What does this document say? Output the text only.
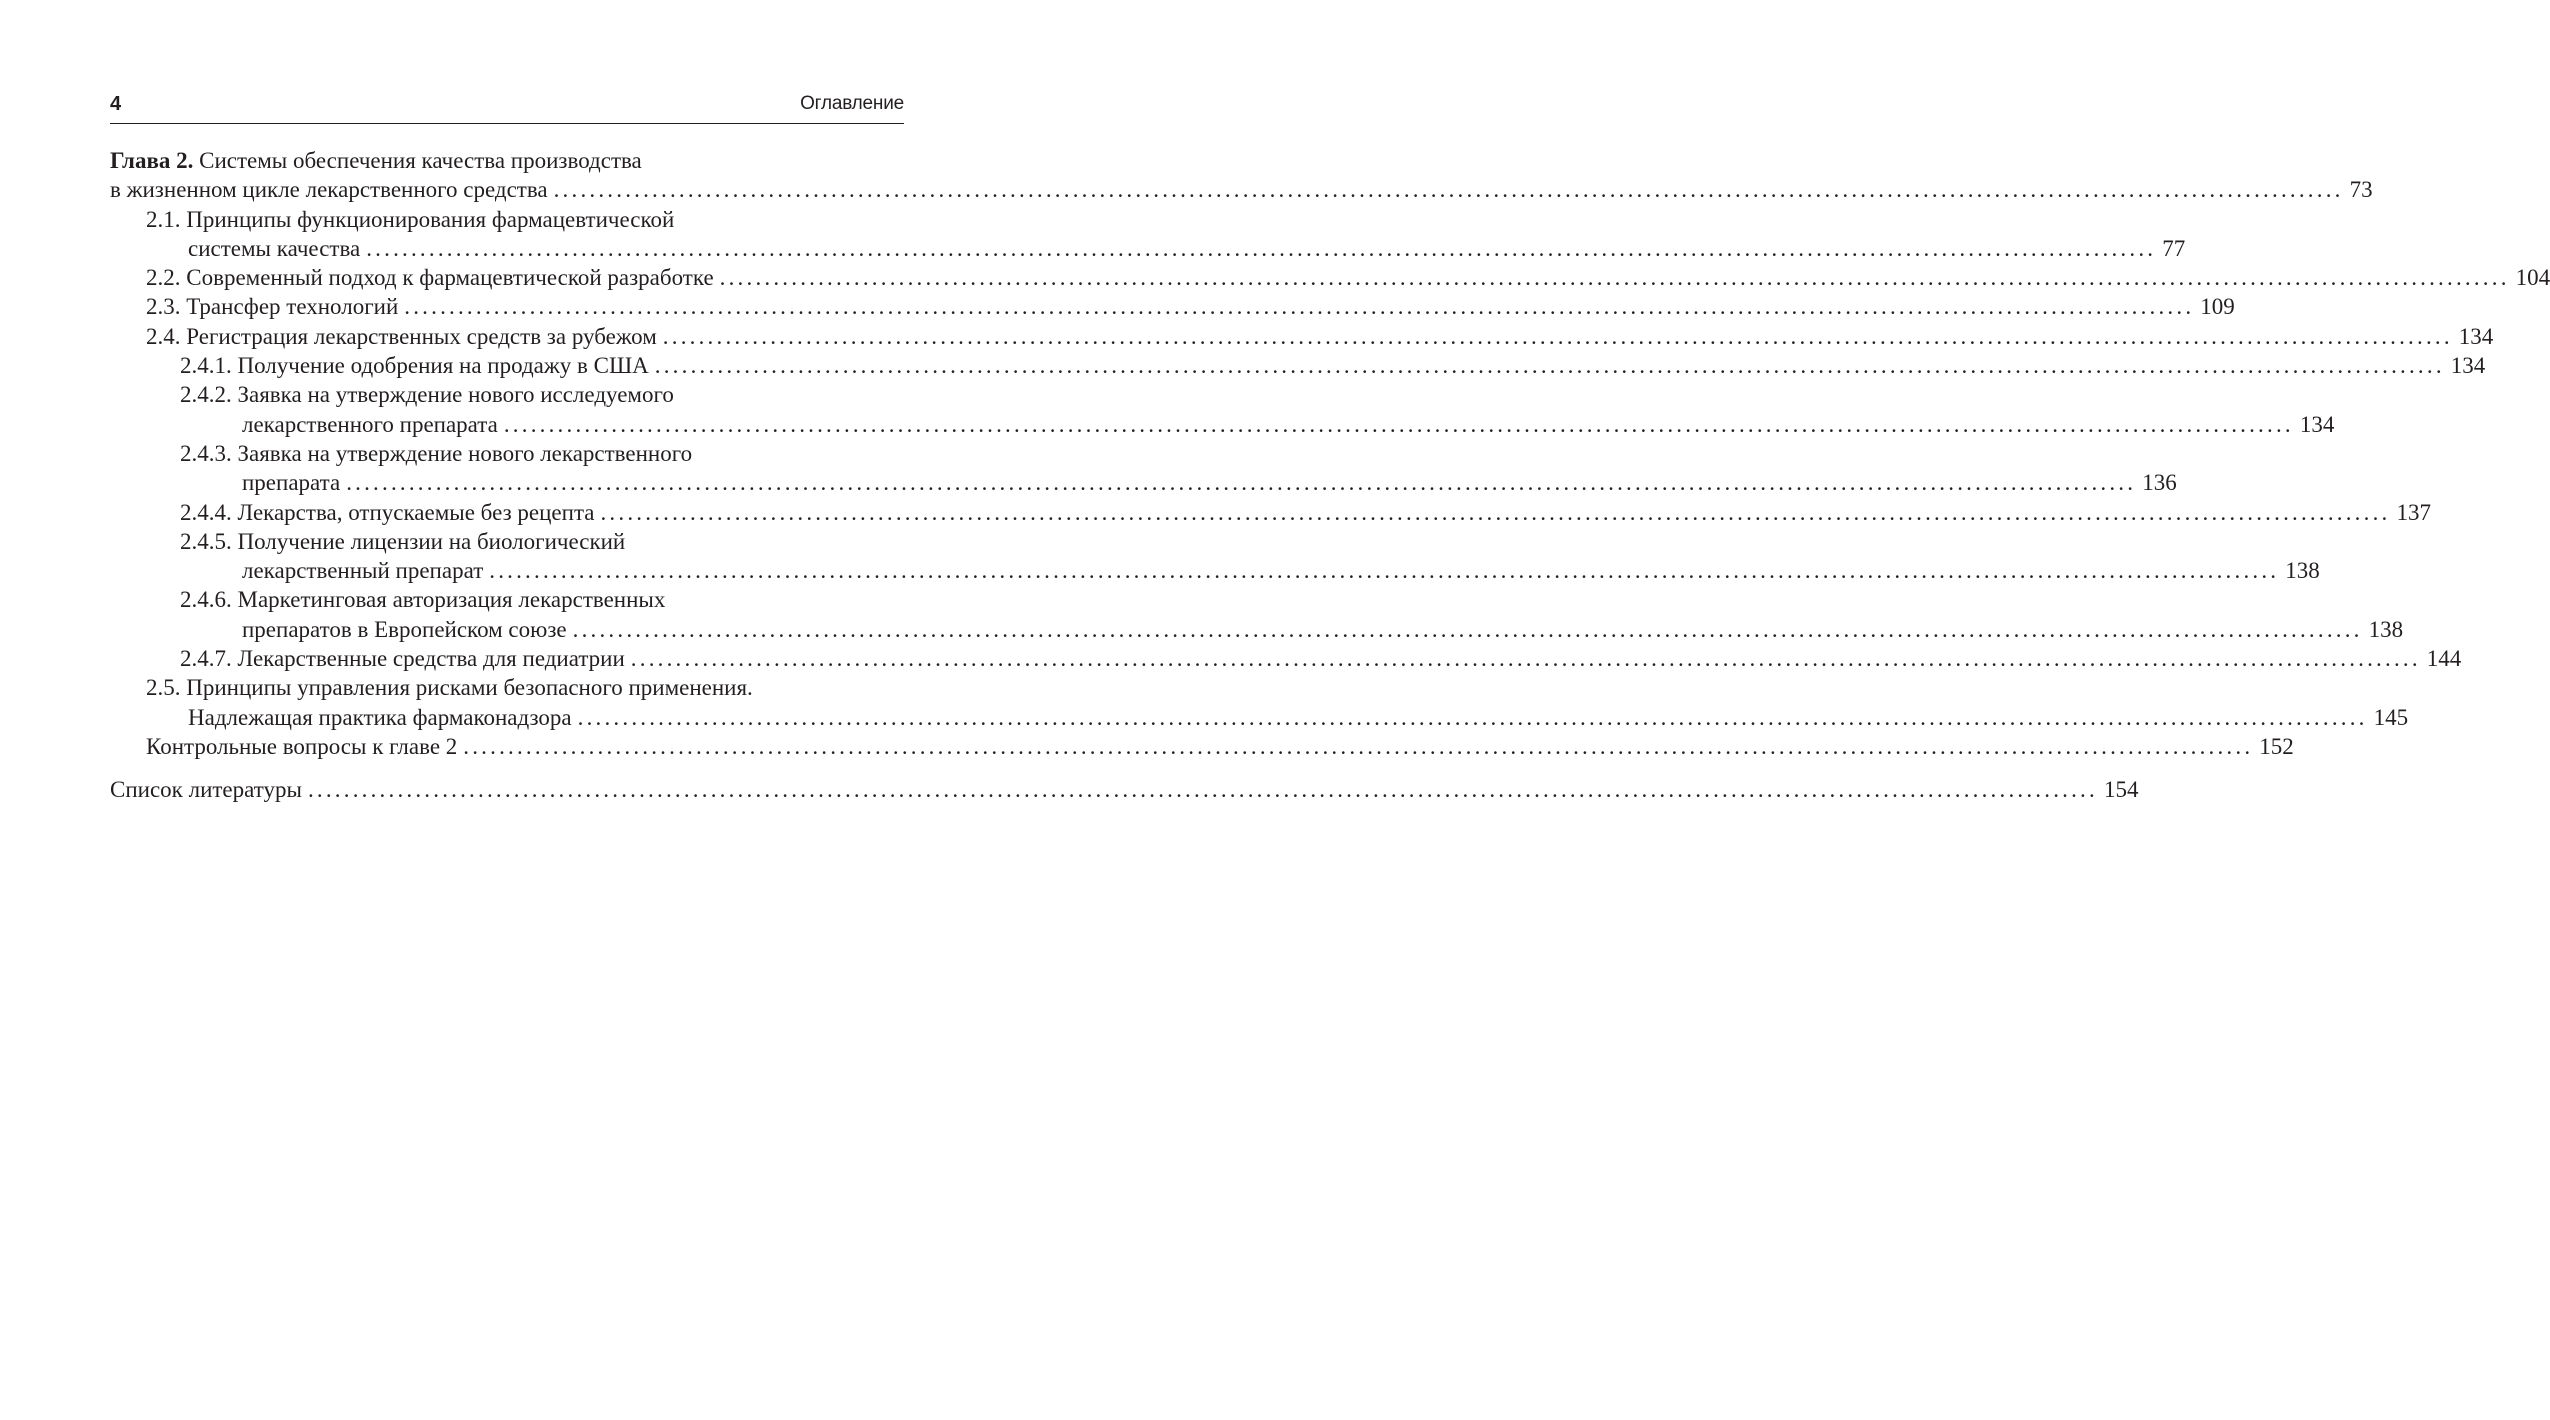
4	Оглавление
Глава 2. Системы обеспечения качества производства
в жизненном цикле лекарственного средства ........................................................................................................................................................................................................ 73
2.1. Принципы функционирования фармацевтической
системы качества ........................................................................................................................................................................................................ 77
2.2. Современный подход к фармацевтической разработке ........................................................................................................................................................................................................ 104
2.3. Трансфер технологий ........................................................................................................................................................................................................ 109
2.4. Регистрация лекарственных средств за рубежом ........................................................................................................................................................................................................ 134
2.4.1. Получение одобрения на продажу в США ........................................................................................................................................................................................................ 134
2.4.2. Заявка на утверждение нового исследуемого
лекарственного препарата ........................................................................................................................................................................................................ 134
2.4.3. Заявка на утверждение нового лекарственного
препарата ........................................................................................................................................................................................................ 136
2.4.4. Лекарства, отпускаемые без рецепта ........................................................................................................................................................................................................ 137
2.4.5. Получение лицензии на биологический
лекарственный препарат ........................................................................................................................................................................................................ 138
2.4.6. Маркетинговая авторизация лекарственных
препаратов в Европейском союзе ........................................................................................................................................................................................................ 138
2.4.7. Лекарственные средства для педиатрии ........................................................................................................................................................................................................ 144
2.5. Принципы управления рисками безопасного применения.
Надлежащая практика фармаконадзора ........................................................................................................................................................................................................ 145
Контрольные вопросы к главе 2 ........................................................................................................................................................................................................ 152
Список литературы ........................................................................................................................................................................................................ 154
